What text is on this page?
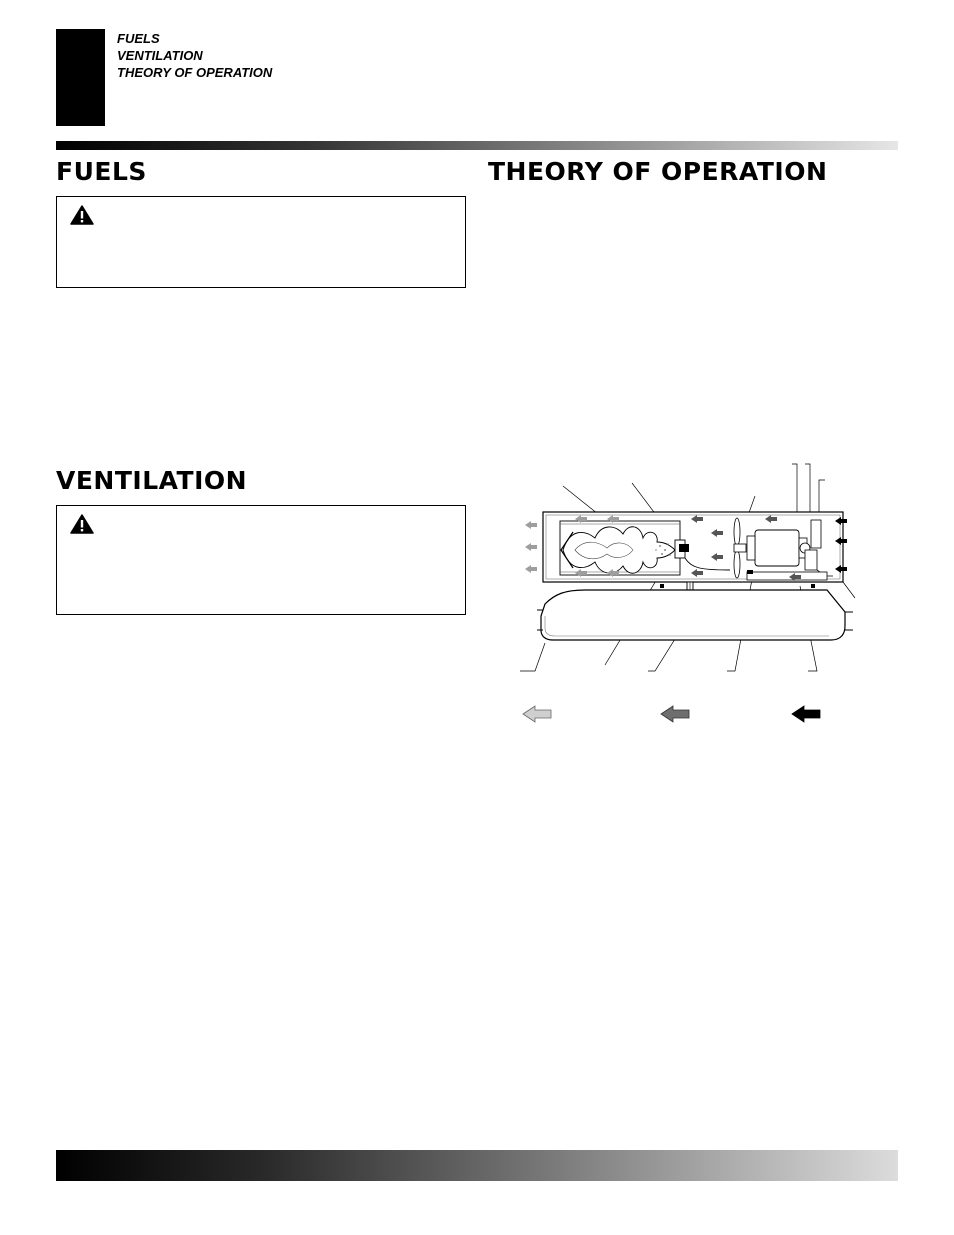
FUELS
VENTILATION
THEORY OF OPERATION
FUELS
VENTILATION
THEORY OF OPERATION
